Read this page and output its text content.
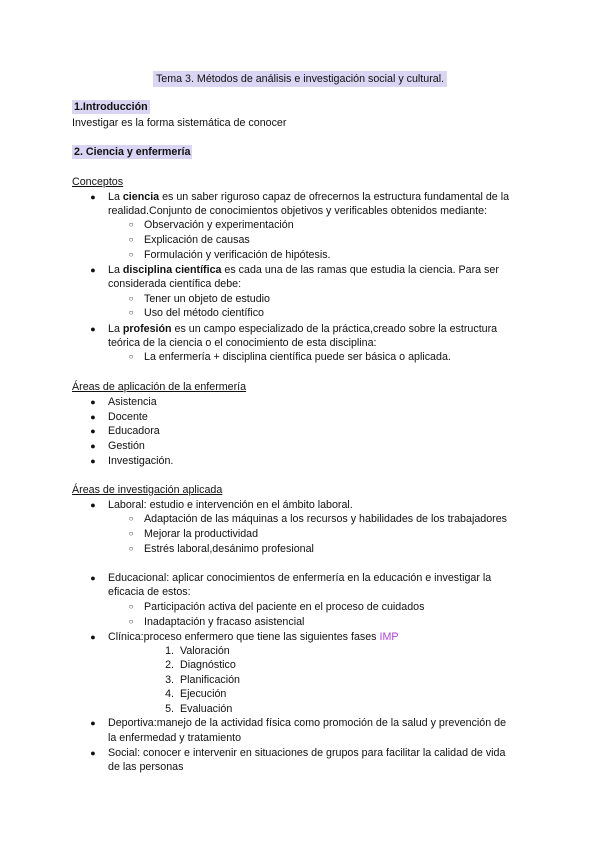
Tema 3. Métodos de análisis e investigación social y cultural.
1.Introducción
Investigar es la forma sistemática de conocer
2. Ciencia y enfermería
Conceptos
● La ciencia es un saber riguroso capaz de ofrecernos la estructura fundamental de la
realidad.Conjunto de conocimientos objetivos y verificables obtenidos mediante:
○ Observación y experimentación
○ Explicación de causas
○ Formulación y verificación de hipótesis.
● La disciplina científica es cada una de las ramas que estudia la ciencia. Para ser
considerada científica debe:
○ Tener un objeto de estudio
○ Uso del método científico
● La profesión es un campo especializado de la práctica,creado sobre la estructura
teórica de la ciencia o el conocimiento de esta disciplina:
○ La enfermería + disciplina científica puede ser básica o aplicada.
Áreas de aplicación de la enfermería
● Asistencia
● Docente
● Educadora
● Gestión
● Investigación.
Áreas de investigación aplicada
● Laboral: estudio e intervención en el ámbito laboral.
○ Adaptación de las máquinas a los recursos y habilidades de los trabajadores
○ Mejorar la productividad
○ Estrés laboral,desánimo profesional
● Educacional: aplicar conocimientos de enfermería en la educación e investigar la
eficacia de estos:
○ Participación activa del paciente en el proceso de cuidados
○ Inadaptación y fracaso asistencial
● Clínica:proceso enfermero que tiene las siguientes fases IMP
1. Valoración
2. Diagnóstico
3. Planificación
4. Ejecución
5. Evaluación
● Deportiva:manejo de la actividad física como promoción de la salud y prevención de
la enfermedad y tratamiento
● Social: conocer e intervenir en situaciones de grupos para facilitar la calidad de vida
de las personas
